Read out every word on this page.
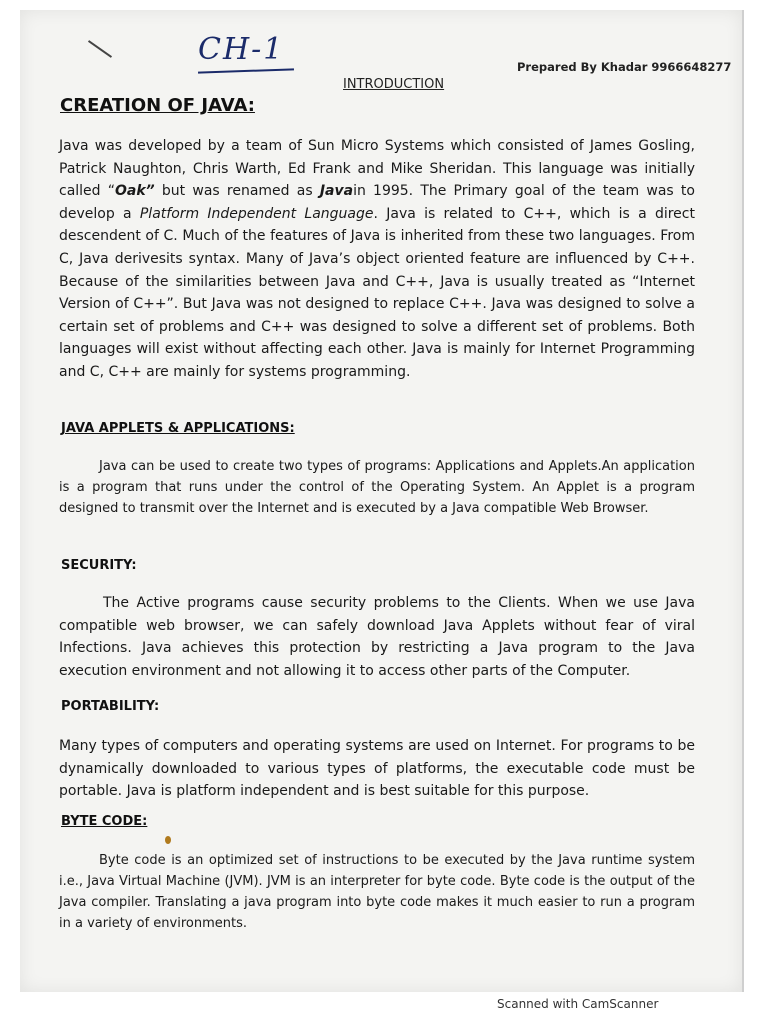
CH-1	Prepared By Khadar 9966648277
INTRODUCTION
CREATION OF JAVA:
Java was developed by a team of Sun Micro Systems which consisted of James Gosling, Patrick Naughton, Chris Warth, Ed Frank and Mike Sheridan. This language was initially called “Oak” but was renamed as Javain 1995. The Primary goal of the team was to develop a Platform Independent Language. Java is related to C++, which is a direct descendent of C. Much of the features of Java is inherited from these two languages. From C, Java derivesits syntax. Many of Java’s object oriented feature are influenced by C++. Because of the similarities between Java and C++, Java is usually treated as “Internet Version of C++”. But Java was not designed to replace C++. Java was designed to solve a certain set of problems and C++ was designed to solve a different set of problems. Both languages will exist without affecting each other. Java is mainly for Internet Programming and C, C++ are mainly for systems programming.
JAVA APPLETS & APPLICATIONS:
Java can be used to create two types of programs: Applications and Applets.An application is a program that runs under the control of the Operating System. An Applet is a program designed to transmit over the Internet and is executed by a Java compatible Web Browser.
SECURITY:
The Active programs cause security problems to the Clients. When we use Java compatible web browser, we can safely download Java Applets without fear of viral Infections. Java achieves this protection by restricting a Java program to the Java execution environment and not allowing it to access other parts of the Computer.
PORTABILITY:
Many types of computers and operating systems are used on Internet. For programs to be dynamically downloaded to various types of platforms, the executable code must be portable. Java is platform independent and is best suitable for this purpose.
BYTE CODE:
Byte code is an optimized set of instructions to be executed by the Java runtime system i.e., Java Virtual Machine (JVM). JVM is an interpreter for byte code. Byte code is the output of the Java compiler. Translating a java program into byte code makes it much easier to run a program in a variety of environments.
Scanned with CamScanner
